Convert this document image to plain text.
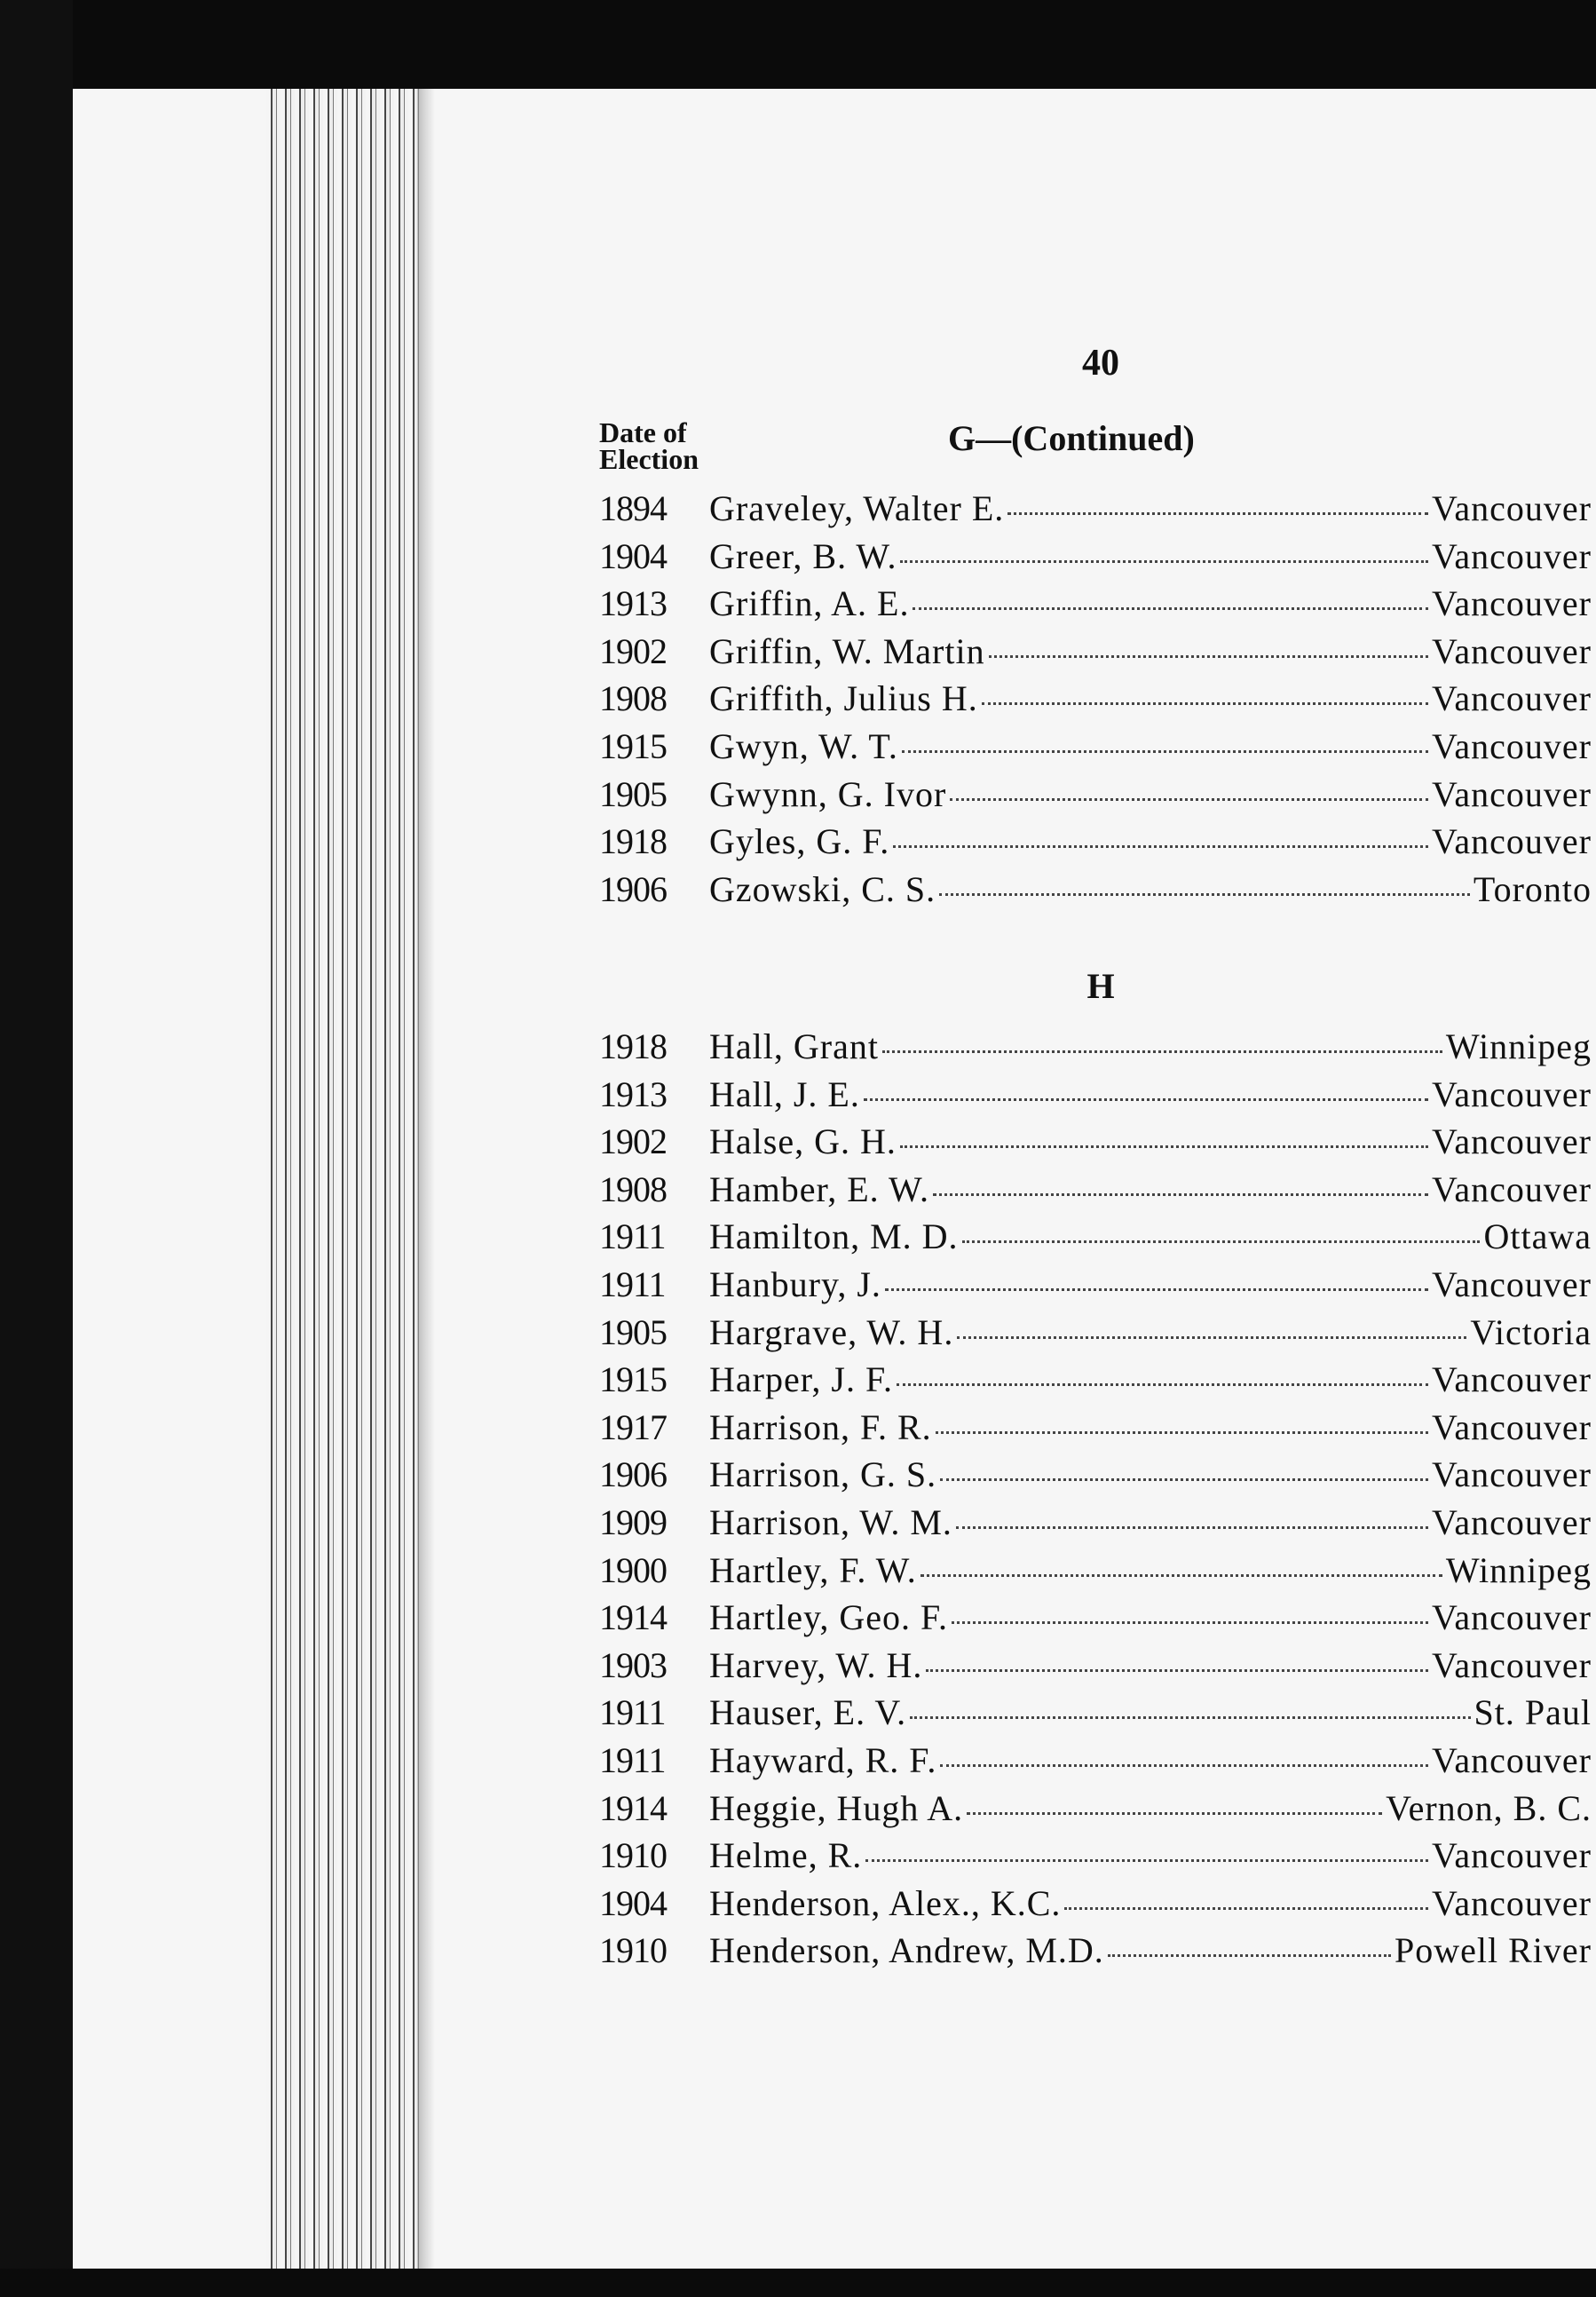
40
Date of
Election
G—(Continued)
1894	Graveley, Walter E.	Vancouver
1904	Greer, B. W.	Vancouver
1913	Griffin, A. E.	Vancouver
1902	Griffin, W. Martin	Vancouver
1908	Griffith, Julius H.	Vancouver
1915	Gwyn, W. T.	Vancouver
1905	Gwynn, G. Ivor	Vancouver
1918	Gyles, G. F.	Vancouver
1906	Gzowski, C. S.	Toronto
H
1918	Hall, Grant	Winnipeg
1913	Hall, J. E.	Vancouver
1902	Halse, G. H.	Vancouver
1908	Hamber, E. W.	Vancouver
1911	Hamilton, M. D.	Ottawa
1911	Hanbury, J.	Vancouver
1905	Hargrave, W. H.	Victoria
1915	Harper, J. F.	Vancouver
1917	Harrison, F. R.	Vancouver
1906	Harrison, G. S.	Vancouver
1909	Harrison, W. M.	Vancouver
1900	Hartley, F. W.	Winnipeg
1914	Hartley, Geo. F.	Vancouver
1903	Harvey, W. H.	Vancouver
1911	Hauser, E. V.	St. Paul
1911	Hayward, R. F.	Vancouver
1914	Heggie, Hugh A.	Vernon, B. C.
1910	Helme, R.	Vancouver
1904	Henderson, Alex., K.C.	Vancouver
1910	Henderson, Andrew, M.D.	Powell River
